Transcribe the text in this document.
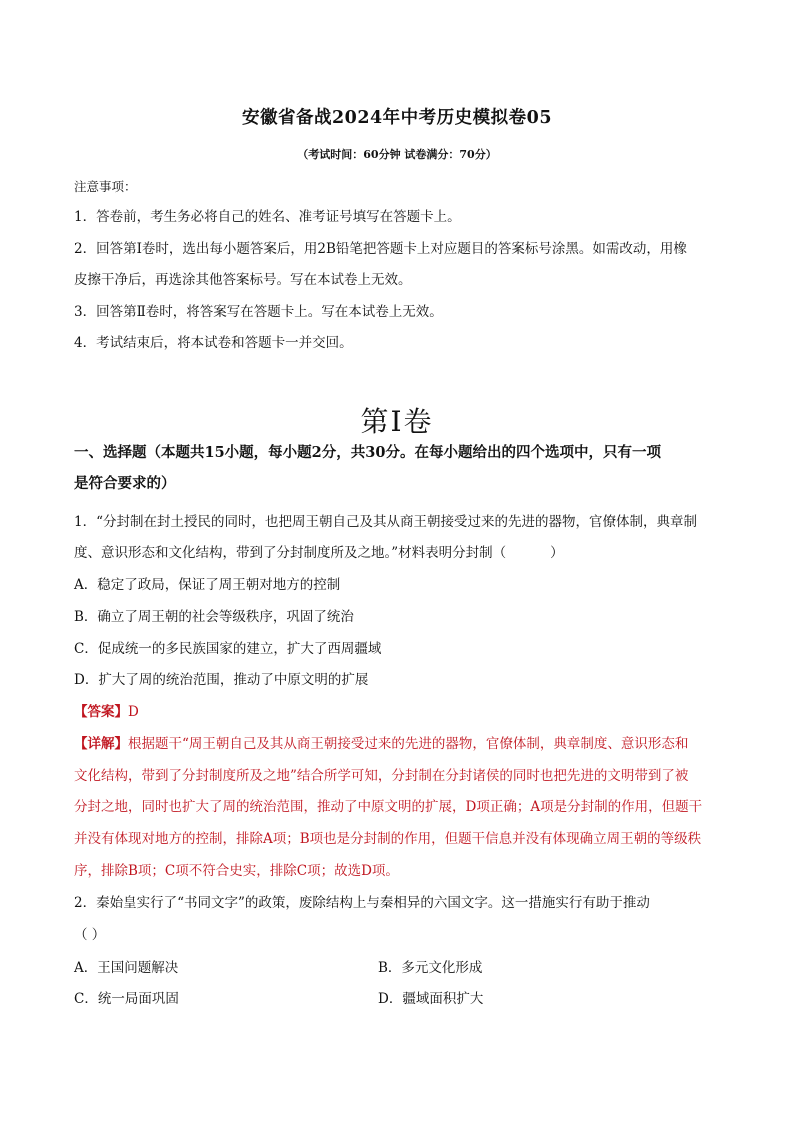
安徽省备战2024年中考历史模拟卷05
（考试时间：60分钟 试卷满分：70分）
注意事项：
1．答卷前，考生务必将自己的姓名、准考证号填写在答题卡上。
2．回答第Ⅰ卷时，选出每小题答案后，用2B铅笔把答题卡上对应题目的答案标号涂黑。如需改动，用橡
皮擦干净后，再选涂其他答案标号。写在本试卷上无效。
3．回答第Ⅱ卷时，将答案写在答题卡上。写在本试卷上无效。
4．考试结束后，将本试卷和答题卡一并交回。
第Ⅰ卷
一、选择题（本题共15小题，每小题2分，共30分。在每小题给出的四个选项中，只有一项
是符合要求的）
1．“分封制在封土授民的同时，也把周王朝自己及其从商王朝接受过来的先进的器物，官僚体制，典章制
度、意识形态和文化结构，带到了分封制度所及之地。”材料表明分封制（	）
A．稳定了政局，保证了周王朝对地方的控制
B．确立了周王朝的社会等级秩序，巩固了统治
C．促成统一的多民族国家的建立，扩大了西周疆域
D．扩大了周的统治范围，推动了中原文明的扩展
【答案】D
【详解】根据题干“周王朝自己及其从商王朝接受过来的先进的器物，官僚体制，典章制度、意识形态和
文化结构，带到了分封制度所及之地”结合所学可知，分封制在分封诸侯的同时也把先进的文明带到了被
分封之地，同时也扩大了周的统治范围，推动了中原文明的扩展，D项正确；A项是分封制的作用，但题干
并没有体现对地方的控制，排除A项；B项也是分封制的作用，但题干信息并没有体现确立周王朝的等级秩
序，排除B项；C项不符合史实，排除C项；故选D项。
2．秦始皇实行了“书同文字”的政策，废除结构上与秦相异的六国文字。这一措施实行有助于推动
（ ）
A．王国问题解决	B．多元文化形成
C．统一局面巩固	D．疆域面积扩大
